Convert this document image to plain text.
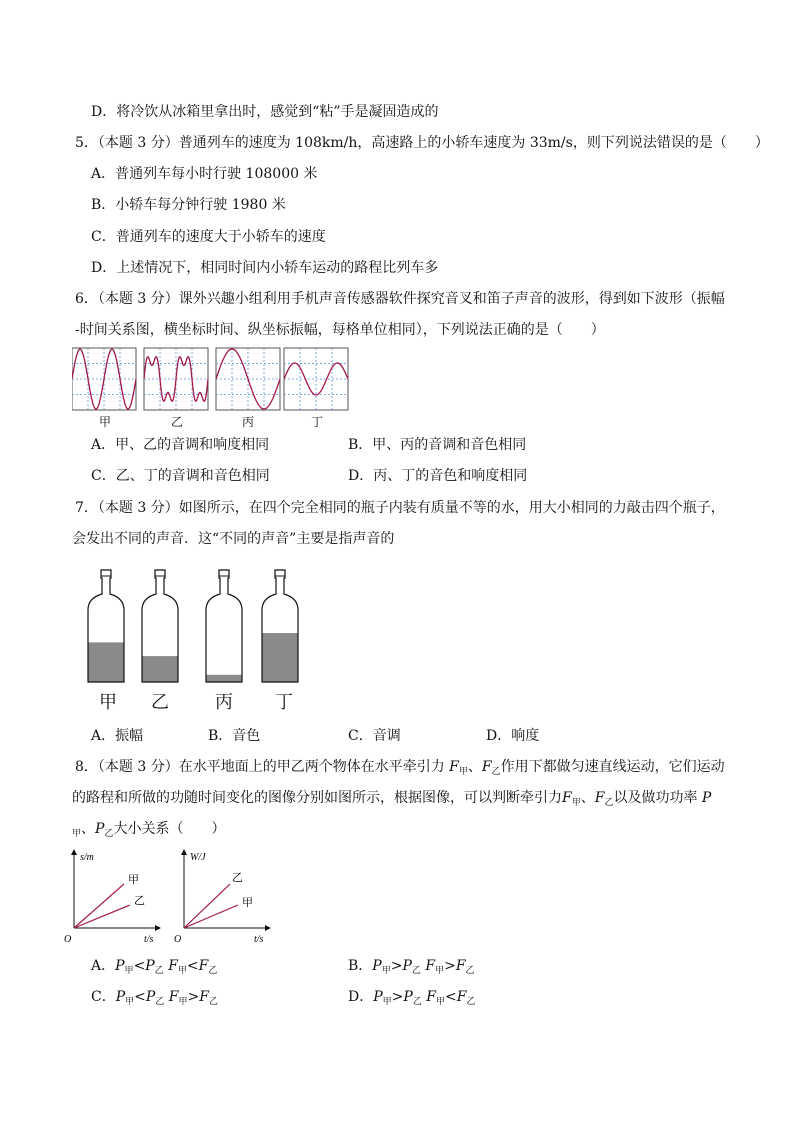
D．将冷饮从冰箱里拿出时，感觉到“粘”手是凝固造成的
5．（本题 3 分）普通列车的速度为 108km/h，高速路上的小轿车速度为 33m/s，则下列说法错误的是（　　）
A．普通列车每小时行驶 108000 米
B．小轿车每分钟行驶 1980 米
C．普通列车的速度大于小轿车的速度
D．上述情况下，相同时间内小轿车运动的路程比列车多
6．（本题 3 分）课外兴趣小组利用手机声音传感器软件探究音叉和笛子声音的波形，得到如下波形（振幅
-时间关系图，横坐标时间、纵坐标振幅，每格单位相同），下列说法正确的是（　　）
甲	乙	丙	丁
A．甲、乙的音调和响度相同	B．甲、丙的音调和音色相同
C．乙、丁的音调和音色相同	D．丙、丁的音色和响度相同
7．（本题 3 分）如图所示，在四个完全相同的瓶子内装有质量不等的水，用大小相同的力敲击四个瓶子，
会发出不同的声音．这“不同的声音”主要是指声音的
甲	乙	丙	丁
A．振幅	B．音色	C．音调	D．响度
8．（本题 3 分）在水平地面上的甲乙两个物体在水平牵引力 $F_甲$、$F_乙$作用下都做匀速直线运动，它们运动
的路程和所做的功随时间变化的图像分别如图所示，根据图像，可以判断牵引力$F_甲$、$F_乙$以及做功功率 P
$_甲$、$P_乙$大小关系（　　）
s/m
t/s
O
甲
乙
W/J
t/s
O
乙
甲
A．$P_甲<P_乙$ $F_甲<F_乙$	B．$P_甲>P_乙$ $F_甲>F_乙$
C．$P_甲<P_乙$ $F_甲>F_乙$	D．$P_甲>P_乙$ $F_甲<F_乙$
